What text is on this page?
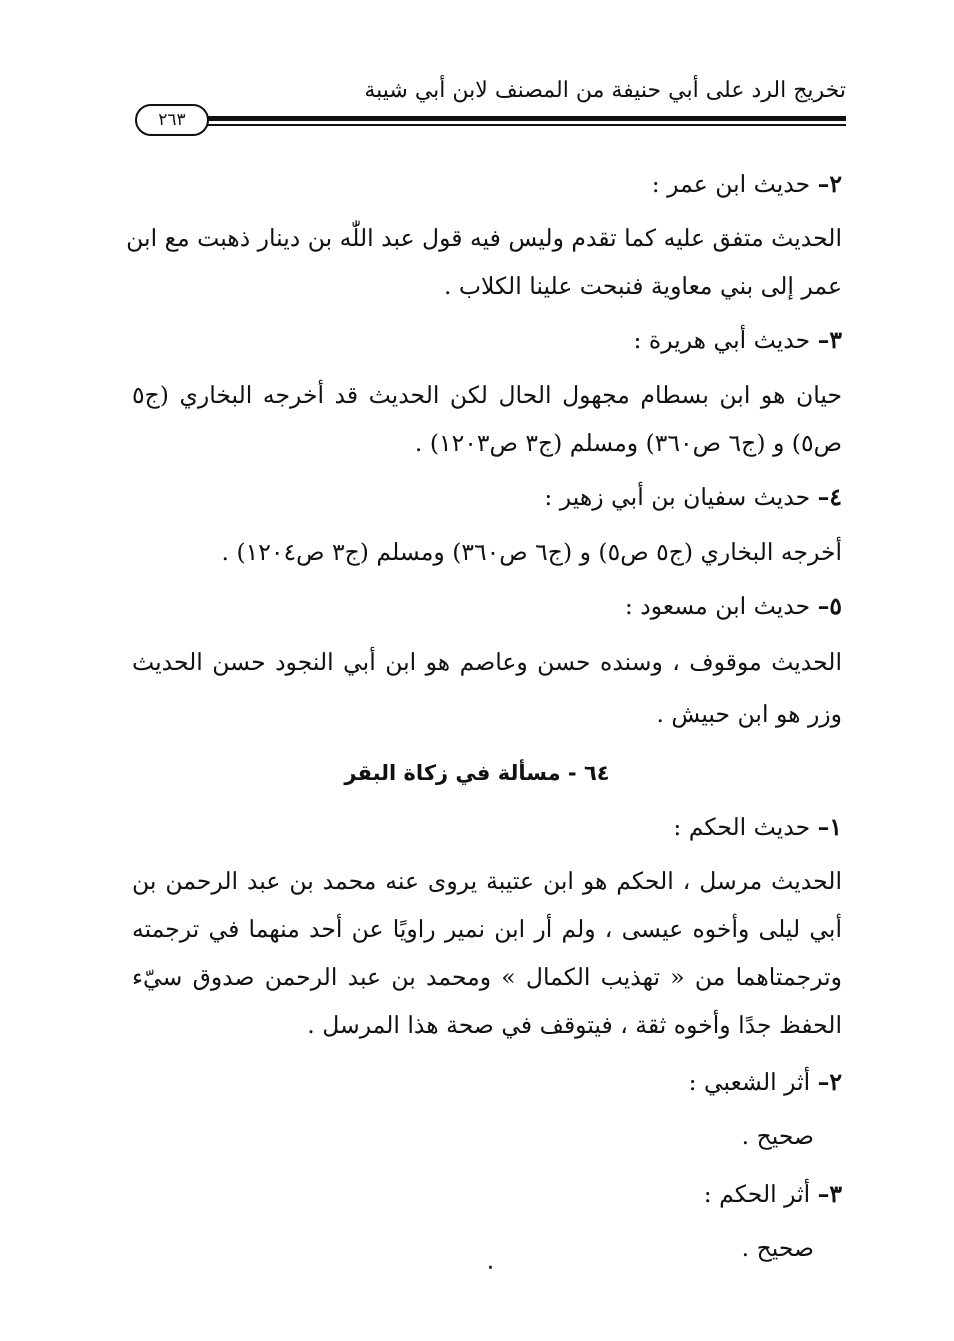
تخريج الرد على أبي حنيفة من المصنف لابن أبي شيبة
٢٦٣
٢– حديث ابن عمر :
الحديث متفق عليه كما تقدم وليس فيه قول عبد اللّٰه بن دينار ذهبت مع ابن
عمر إلى بني معاوية فنبحت علينا الكلاب .
٣– حديث أبي هريرة :
حيان هو ابن بسطام مجهول الحال لكن الحديث قد أخرجه البخاري (ج٥
ص٥) و (ج٦ ص٣٦٠) ومسلم (ج٣ ص١٢٠٣) .
٤– حديث سفيان بن أبي زهير :
أخرجه البخاري (ج٥ ص٥) و (ج٦ ص٣٦٠) ومسلم (ج٣ ص١٢٠٤) .
٥– حديث ابن مسعود :
الحديث موقوف ، وسنده حسن وعاصم هو ابن أبي النجود حسن الحديث
وزر هو ابن حبيش .
٦٤ - مسألة في زكاة البقر
١– حديث الحكم :
الحديث مرسل ، الحكم هو ابن عتيبة يروى عنه محمد بن عبد الرحمن بن
أبي ليلى وأخوه عيسى ، ولم أر ابن نمير راويًا عن أحد منهما في ترجمته
وترجمتاهما من « تهذيب الكمال » ومحمد بن عبد الرحمن صدوق سيّء
الحفظ جدًا وأخوه ثقة ، فيتوقف في صحة هذا المرسل .
٢– أثر الشعبي :
صحيح .
٣– أثر الحكم :
صحيح .
٠
